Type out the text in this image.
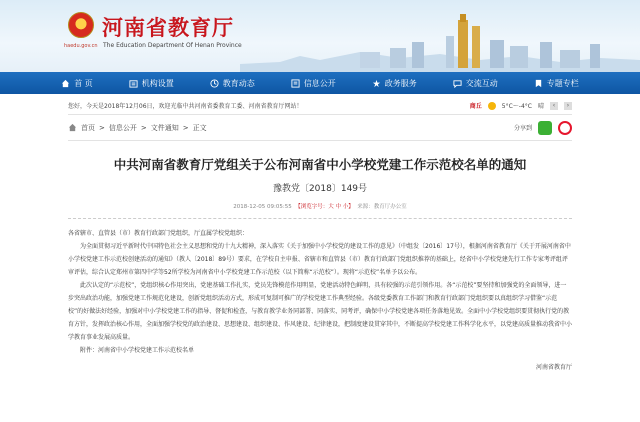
haedu.gov.cn
河南省教育厅
The Education Department Of Henan Province
首 页	机构设置	教育动态	信息公开	政务服务	交流互动	专题专栏
您好，今天是2018年12月06日，欢迎光临中共河南省委教育工委、河南省教育厅网站！	商丘	5°C～-4°C 晴	‹	›
首页 > 信息公开 > 文件通知 > 正文	分享到
中共河南省教育厅党组关于公布河南省中小学校党建工作示范校名单的通知
豫教党〔2018〕149号
2018-12-05 09:05:55 【浏览字号：大 中 小】 来源：教育厅办公室

各省辖市、直管县（市）教育行政部门党组织，厅直属学校党组织：

为全面贯彻习近平新时代中国特色社会主义思想和党的十九大精神，深入落实《关于加强中小学校党的建设工作的意见》（中组发〔2016〕17号），根据河南省教育厅《关于开展河南省中小学校党建工作示范校创建活动的通知》（教人〔2018〕89号）要求，在学校自主申报、省辖市和直管县（市）教育行政部门党组织推荐的基础上，经省中小学校党建先行工作专家考评组评审评估，综合认定郑州市第四中学等52所学校为河南省中小学校党建工作示范校（以下简称“示范校”）。现将“示范校”名单予以公布。

此次认定的“示范校”，党组织核心作用突出，党建基础工作扎实，党员先锋模范作用明显，党建活动特色鲜明，具有较强的示范引领作用。各“示范校”要坚持和加强党的全面领导，进一步突出政治功能，加强党建工作规范化建设，创新党组织活动方式，形成可复制可推广的学校党建工作典型经验。各级党委教育工作部门和教育行政部门党组织要以真组织学习借鉴“示范校”的好做法好经验，加强对中小学校党建工作的指导、督促和检查，与教育教学业务同部署、同落实、同考评，确保中小学校党建各项任务落地见效。全面中小学校党组织要贯彻执行党的教育方针，发挥政治核心作用，全面加强学校党的政治建设、思想建设、组织建设、作风建设、纪律建设，把制度建设贯穿其中，不断提高学校党建工作科学化水平，以党建高质量推动我省中小学教育事业发展高质量。

附件：河南省中小学校党建工作示范校名单

河南省教育厅
